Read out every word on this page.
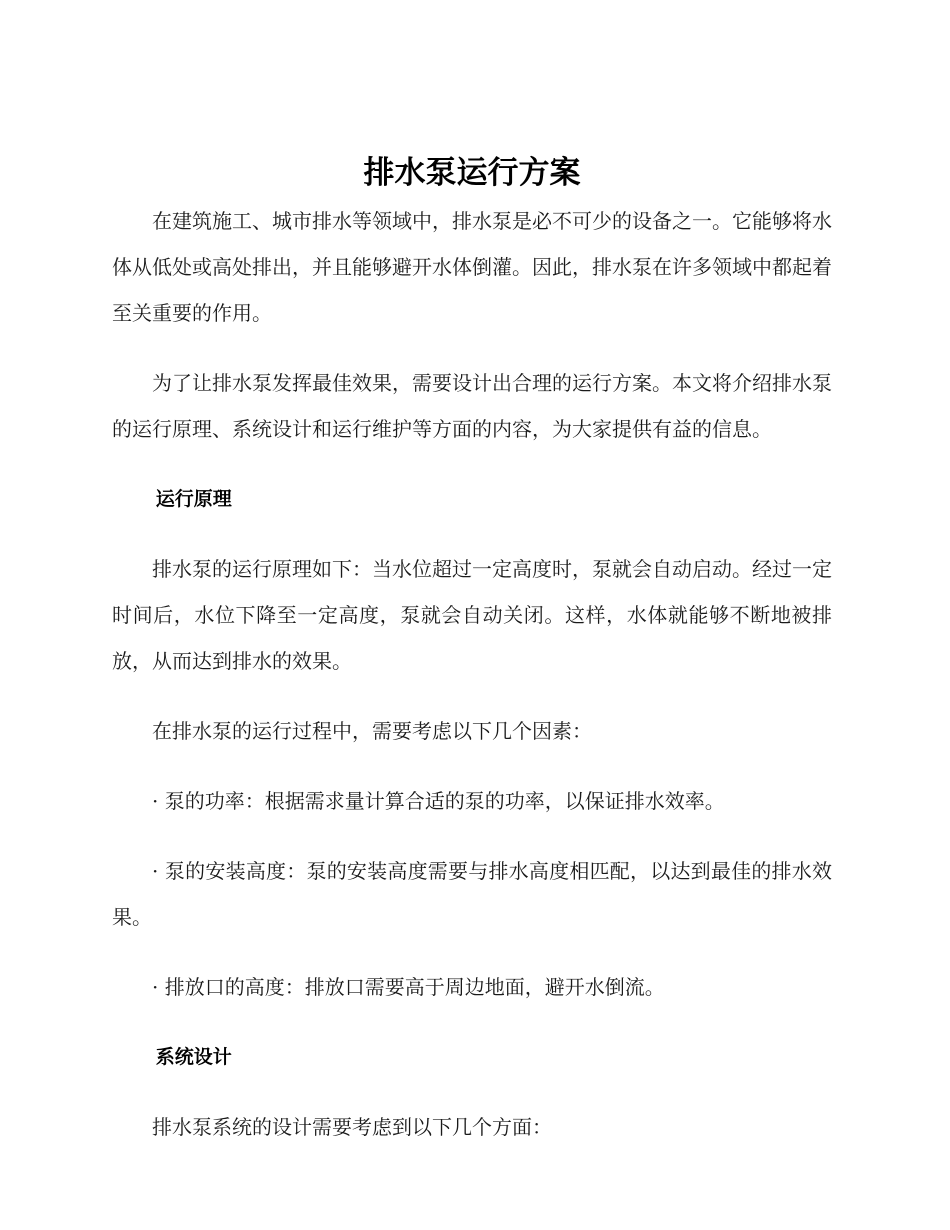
排水泵运行方案

在建筑施工、城市排水等领域中，排水泵是必不可少的设备之一。它能够将水体从低处或高处排出，并且能够避开水体倒灌。因此，排水泵在许多领域中都起着至关重要的作用。

为了让排水泵发挥最佳效果，需要设计出合理的运行方案。本文将介绍排水泵的运行原理、系统设计和运行维护等方面的内容，为大家提供有益的信息。

运行原理

排水泵的运行原理如下：当水位超过一定高度时，泵就会自动启动。经过一定时间后，水位下降至一定高度，泵就会自动关闭。这样，水体就能够不断地被排放，从而达到排水的效果。

在排水泵的运行过程中，需要考虑以下几个因素：

· 泵的功率：根据需求量计算合适的泵的功率，以保证排水效率。

· 泵的安装高度：泵的安装高度需要与排水高度相匹配，以达到最佳的排水效果。

· 排放口的高度：排放口需要高于周边地面，避开水倒流。

系统设计

排水泵系统的设计需要考虑到以下几个方面：
